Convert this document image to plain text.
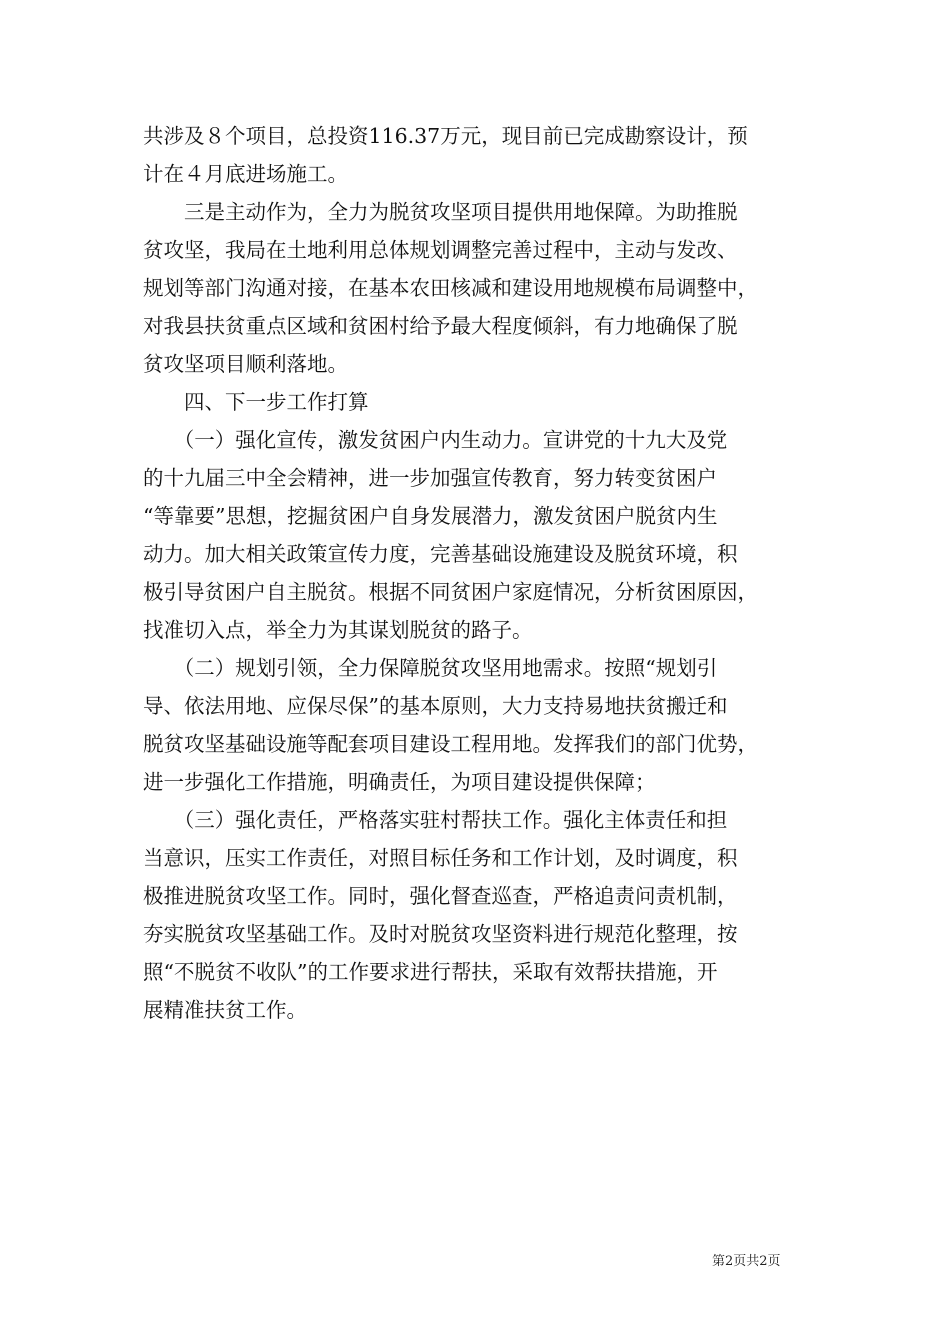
共涉及８个项目，总投资116.37万元，现目前已完成勘察设计，预
计在４月底进场施工。
　　三是主动作为，全力为脱贫攻坚项目提供用地保障。为助推脱
贫攻坚，我局在土地利用总体规划调整完善过程中，主动与发改、
规划等部门沟通对接，在基本农田核减和建设用地规模布局调整中，
对我县扶贫重点区域和贫困村给予最大程度倾斜，有力地确保了脱
贫攻坚项目顺利落地。
　　四、下一步工作打算
　　（一）强化宣传，激发贫困户内生动力。宣讲党的十九大及党
的十九届三中全会精神，进一步加强宣传教育，努力转变贫困户
“等靠要”思想，挖掘贫困户自身发展潜力，激发贫困户脱贫内生
动力。加大相关政策宣传力度，完善基础设施建设及脱贫环境，积
极引导贫困户自主脱贫。根据不同贫困户家庭情况，分析贫困原因，
找准切入点，举全力为其谋划脱贫的路子。
　　（二）规划引领，全力保障脱贫攻坚用地需求。按照“规划引
导、依法用地、应保尽保”的基本原则，大力支持易地扶贫搬迁和
脱贫攻坚基础设施等配套项目建设工程用地。发挥我们的部门优势，
进一步强化工作措施，明确责任，为项目建设提供保障；
　　（三）强化责任，严格落实驻村帮扶工作。强化主体责任和担
当意识，压实工作责任，对照目标任务和工作计划，及时调度，积
极推进脱贫攻坚工作。同时，强化督查巡查，严格追责问责机制，
夯实脱贫攻坚基础工作。及时对脱贫攻坚资料进行规范化整理，按
照“不脱贫不收队”的工作要求进行帮扶，采取有效帮扶措施，开
展精准扶贫工作。
第2页共2页
